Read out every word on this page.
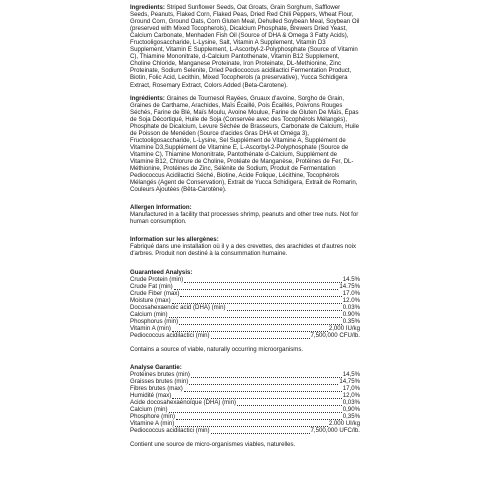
Ingredients: Striped Sunflower Seeds, Oat Groats, Grain Sorghum, Safflower Seeds, Peanuts, Flaked Corn, Flaked Peas, Dried Red Chili Peppers, Wheat Flour, Ground Corn, Ground Oats, Corn Gluten Meal, Dehulled Soybean Meal, Soybean Oil (preserved with Mixed Tocopherols), Dicalcium Phosphate, Brewers Dried Yeast, Calcium Carbonate, Menhaden Fish Oil (Source of DHA & Omega 3 Fatty Acids), Fructooligosaccharide, L-Lysine, Salt, Vitamin A Supplement, Vitamin D3 Supplement, Vitamin E Supplement, L-Ascorbyl-2-Polyphosphate (Source of Vitamin C), Thiamine Mononitrate, d-Calcium Pantothenate, Vitamin B12 Supplement, Choline Chloride, Manganese Proteinate, Iron Proteinate, DL-Methionine, Zinc Proteinate, Sodium Selenite, Dried Pediococcus acidilactici Fermentation Product, Biotin, Folic Acid, Lecithin, Mixed Tocopherols (a preservative), Yucca Schidigera Extract, Rosemary Extract, Colors Added (Beta-Carotene).

Ingrédients: Graines de Tournesol Rayées, Gruaux d'avoine, Sorgho de Grain, Graines de Carthame, Arachides, Maïs Écaillé, Pois Écaillés, Poivrons Rouges Séchés, Farine de Blé, Maïs Moulu, Avoine Moulue, Farine de Gluten De Maïs, Épas de Soja Décortiqué, Huile de Soja (Conservée avec des Tocophérols Mélangés), Phosphate de Dicalcium, Levure Séchée de Brasseurs, Carbonate de Calcium, Huile de Poisson de Menéden (Source d'acides Gras DHA et Oméga 3), Fructooligosaccharide, L-Lysine, Sel Supplément de Vitamine A, Supplément de Vitamine D3,Supplément de Vitamine E, L-Ascorbyl-2-Polyphosphate (Source de Vitamine C), Thiamine Mononitrate, Pantothénate d-Calcium, Supplément de Vitamine B12, Chlorure de Choline, Protéate de Manganèse, Protéines de Fer, DL-Méthionine, Protéines de Zinc, Sélénite de Sodium, Produit de Fermentation Pediococcus Acidilactici Séché, Biotine, Acide Folique, Lécithine, Tocophérols Mélangés (Agent de Conservation), Extrait de Yucca Schidigera, Extrait de Romarin, Couleurs Ajoutées (Bêta-Carotène).

Allergen Information:

Manufactured in a facility that processes shrimp, peanuts and other tree nuts. Not for human consumption.

Information sur les allergènes:

Fabriqué dans une installation où il y a des crevettes, des arachides et d'autres noix d'arbres. Produit non destiné à la consummation humaine.

Guaranteed Analysis:

Crude Protein (min)	14.5%
Crude Fat (min)	14.75%
Crude Fiber (max)	17.0%
Moisture (max)	12.0%
Docosahexaenoic acid (DHA) (min)	0.03%
Calcium (min)	0.90%
Phosphorus (min)	0.35%
Vitamin A (min)	2,000 IU/kg
Pediococcus acidilactici (min)	7,500,000 CFU/lb.

Contains a source of viable, naturally occurring microorganisms.

Analyse Garantie:

Protéines brutes (min)	14,5%
Graisses brutes (min)	14,75%
Fibres brutes (max)	17,0%
Humidité (max)	12,0%
Acide docosahexaénoïque (DHA) (min)	0,03%
Calcium (min)	0,90%
Phosphore (min)	0,35%
Vitamine A (min)	2.000 UI/kg
Pediococcus acidilactici (min)	7,500,000 UFC/lb.

Contient une source de micro-organismes viables, naturelles.
